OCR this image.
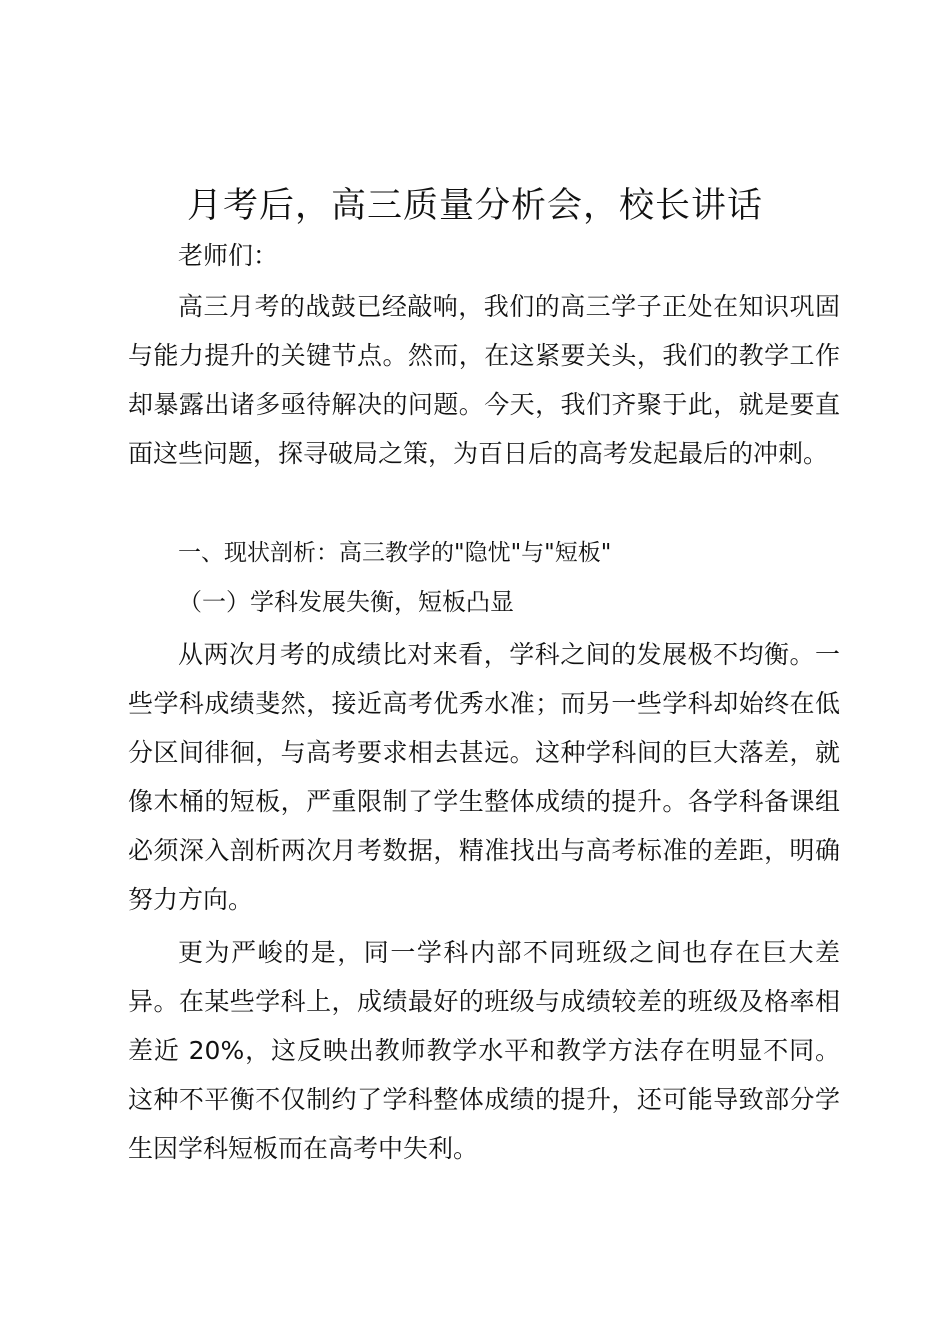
月考后，高三质量分析会，校长讲话
老师们：
高三月考的战鼓已经敲响，我们的高三学子正处在知识巩固与能力提升的关键节点。然而，在这紧要关头，我们的教学工作却暴露出诸多亟待解决的问题。今天，我们齐聚于此，就是要直面这些问题，探寻破局之策，为百日后的高考发起最后的冲刺。
一、现状剖析：高三教学的"隐忧"与"短板"
（一）学科发展失衡，短板凸显
从两次月考的成绩比对来看，学科之间的发展极不均衡。一些学科成绩斐然，接近高考优秀水准；而另一些学科却始终在低分区间徘徊，与高考要求相去甚远。这种学科间的巨大落差，就像木桶的短板，严重限制了学生整体成绩的提升。各学科备课组必须深入剖析两次月考数据，精准找出与高考标准的差距，明确努力方向。
更为严峻的是，同一学科内部不同班级之间也存在巨大差异。在某些学科上，成绩最好的班级与成绩较差的班级及格率相差近 20%，这反映出教师教学水平和教学方法存在明显不同。这种不平衡不仅制约了学科整体成绩的提升，还可能导致部分学生因学科短板而在高考中失利。
